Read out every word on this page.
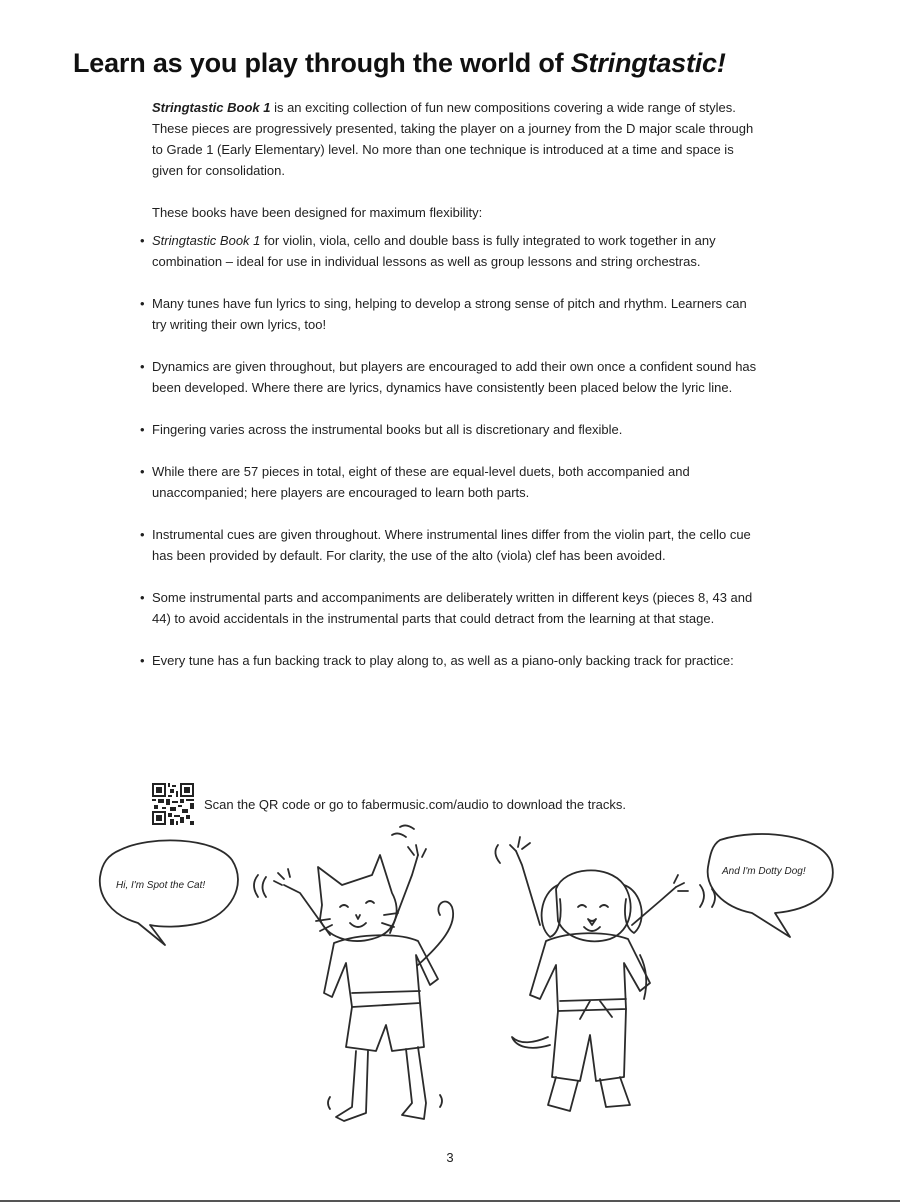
Learn as you play through the world of Stringtastic!

Stringtastic Book 1 is an exciting collection of fun new compositions covering a wide range of styles. These pieces are progressively presented, taking the player on a journey from the D major scale through to Grade 1 (Early Elementary) level. No more than one technique is introduced at a time and space is given for consolidation.

These books have been designed for maximum flexibility:

• Stringtastic Book 1 for violin, viola, cello and double bass is fully integrated to work together in any combination – ideal for use in individual lessons as well as group lessons and string orchestras.
• Many tunes have fun lyrics to sing, helping to develop a strong sense of pitch and rhythm. Learners can try writing their own lyrics, too!
• Dynamics are given throughout, but players are encouraged to add their own once a confident sound has been developed. Where there are lyrics, dynamics have consistently been placed below the lyric line.
• Fingering varies across the instrumental books but all is discretionary and flexible.
• While there are 57 pieces in total, eight of these are equal-level duets, both accompanied and unaccompanied; here players are encouraged to learn both parts.
• Instrumental cues are given throughout. Where instrumental lines differ from the violin part, the cello cue has been provided by default. For clarity, the use of the alto (viola) clef has been avoided.
• Some instrumental parts and accompaniments are deliberately written in different keys (pieces 8, 43 and 44) to avoid accidentals in the instrumental parts that could detract from the learning at that stage.
• Every tune has a fun backing track to play along to, as well as a piano-only backing track for practice:
Scan the QR code or go to fabermusic.com/audio to download the tracks.
Hi, I'm Spot the Cat!
And I'm Dotty Dog!
3
